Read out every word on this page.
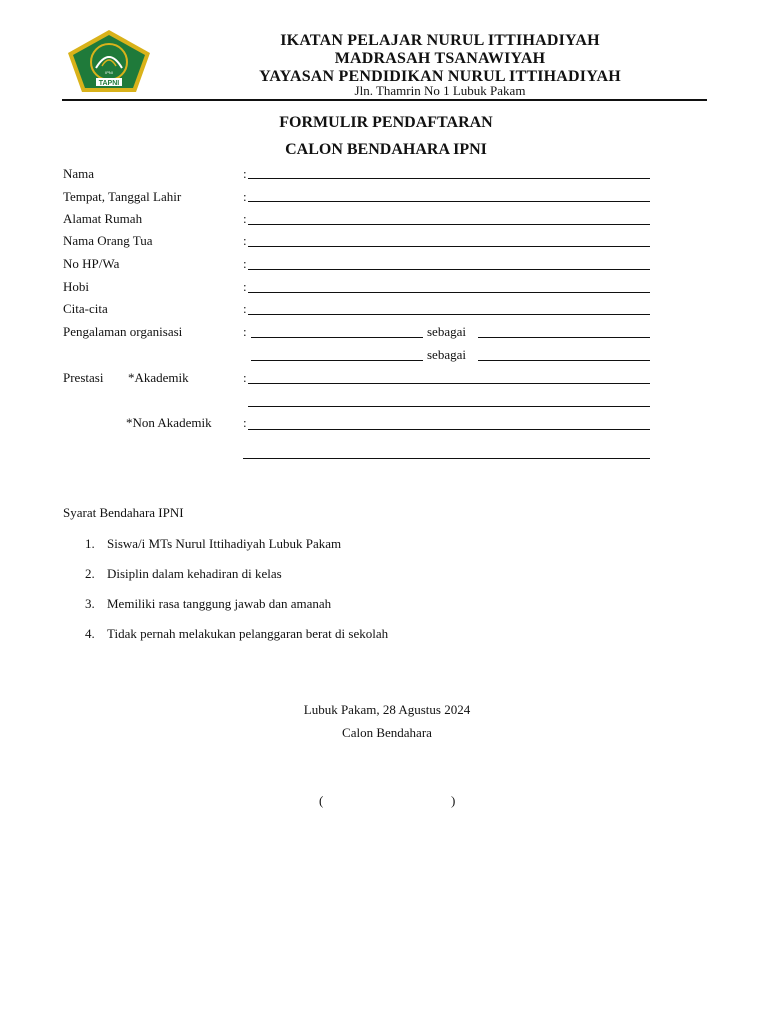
TAPNI
IPNI
IKATAN PELAJAR NURUL ITTIHADIYAH
MADRASAH TSANAWIYAH
YAYASAN PENDIDIKAN NURUL ITTIHADIYAH
Jln. Thamrin No 1 Lubuk Pakam
FORMULIR PENDAFTARAN
CALON BENDAHARA IPNI
Nama	:
Tempat, Tanggal Lahir	:
Alamat Rumah	:
Nama Orang Tua	:
No HP/Wa	:
Hobi	:
Cita-cita	:
Pengalaman organisasi	:	sebagai
sebagai
Prestasi *Akademik	:
*Non Akademik :
Syarat Bendahara IPNI
1. Siswa/i MTs Nurul Ittihadiyah Lubuk Pakam
2. Disiplin dalam kehadiran di kelas
3. Memiliki rasa tanggung jawab dan amanah
4. Tidak pernah melakukan pelanggaran berat di sekolah
Lubuk Pakam, 28 Agustus 2024
Calon Bendahara
(	)
